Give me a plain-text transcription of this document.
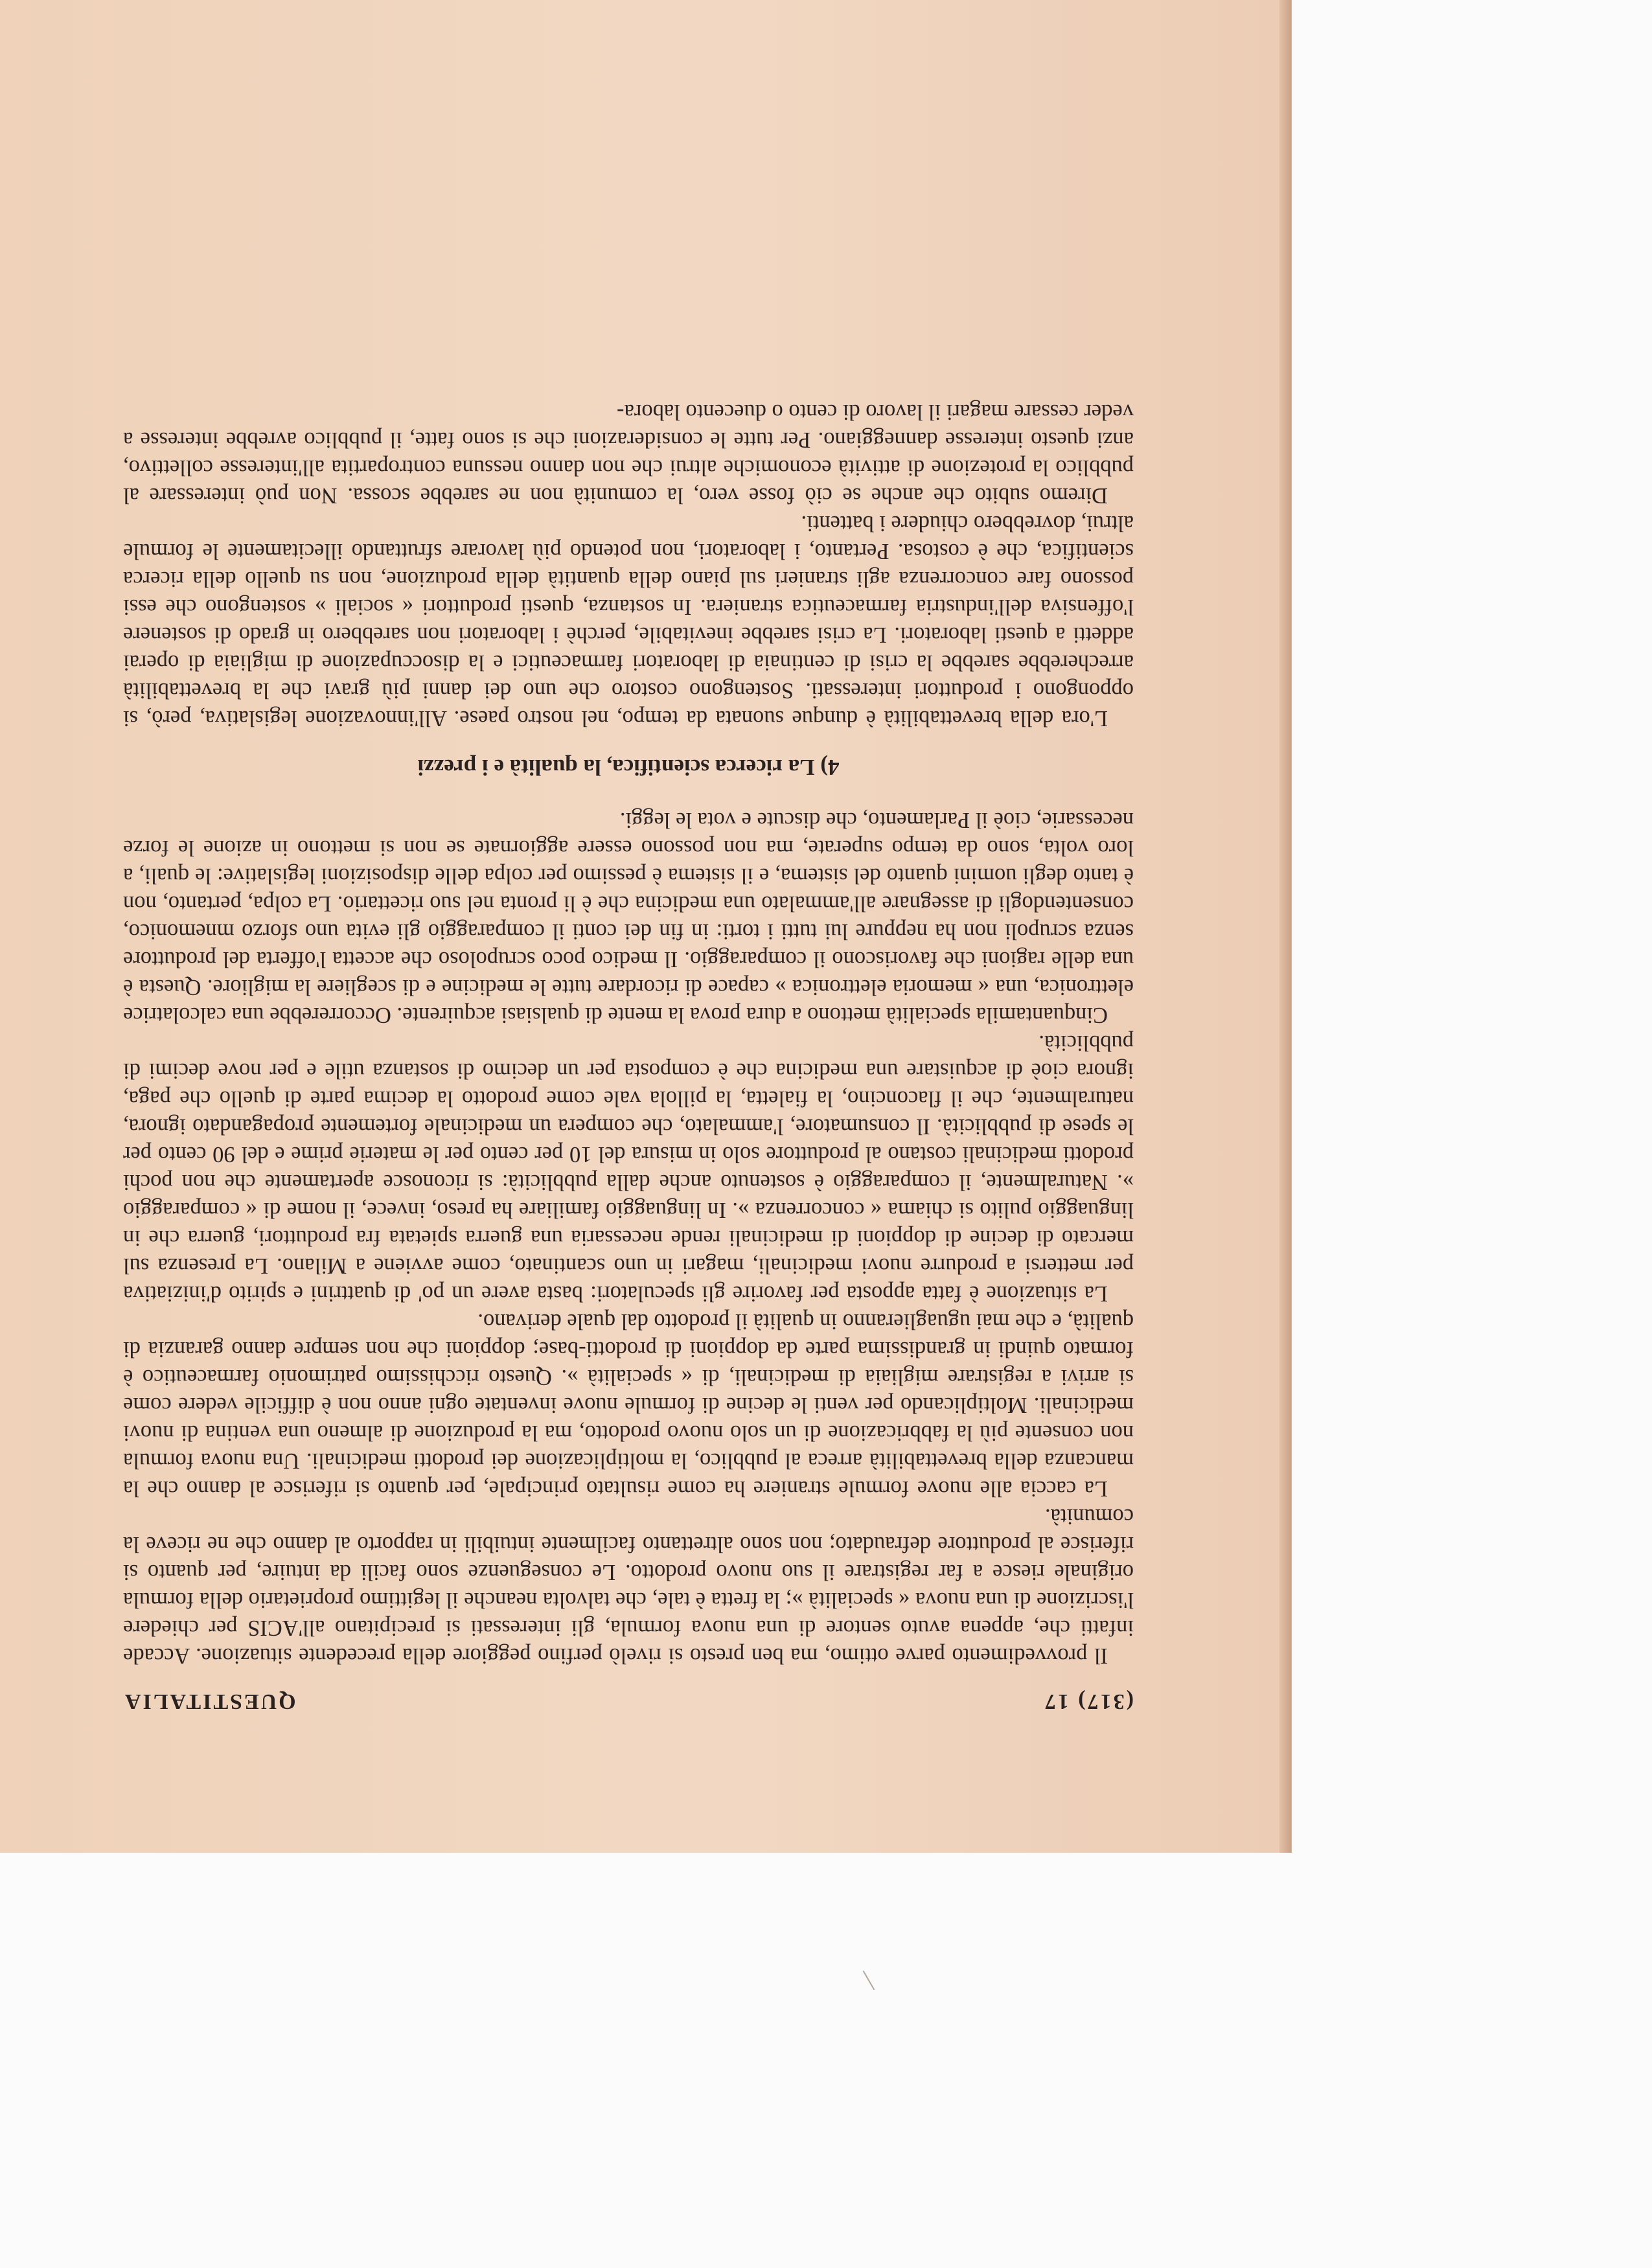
(317) 17
QUESTITALIA

Il provvedimento parve ottimo, ma ben presto si rivelò perfino peggiore della precedente situazione. Accade infatti che, appena avuto sentore di una nuova formula, gli interessati si precipitano all'ACIS per chiedere l'iscrizione di una nuova « specialità »; la fretta è tale, che talvolta neanche il legittimo proprietario della formula originale riesce a far registrare il suo nuovo prodotto. Le conseguenze sono facili da intuire, per quanto si riferisce al produttore defraudato; non sono altrettanto facilmente intuibili in rapporto al danno che ne riceve la comunità.

La caccia alle nuove formule straniere ha come risultato principale, per quanto si riferisce al danno che la mancanza della brevettabilità arreca al pubblico, la moltiplicazione dei prodotti medicinali. Una nuova formula non consente più la fabbricazione di un solo nuovo prodotto, ma la produzione di almeno una ventina di nuovi medicinali. Moltiplicando per venti le decine di formule nuove inventate ogni anno non è difficile vedere come si arrivi a registrare migliaia di medicinali, di « specialità ». Questo ricchissimo patrimonio farmaceutico è formato quindi in grandissima parte da doppioni di prodotti-base; doppioni che non sempre danno garanzia di qualità, e che mai uguaglieranno in qualità il prodotto dal quale derivano.

La situazione è fatta apposta per favorire gli speculatori: basta avere un po' di quattrini e spirito d'iniziativa per mettersi a produrre nuovi medicinali, magari in uno scantinato, come avviene a Milano. La presenza sul mercato di decine di doppioni di medicinali rende necessaria una guerra spietata fra produttori, guerra che in linguaggio pulito si chiama « concorrenza ». In linguaggio familiare ha preso, invece, il nome di « comparaggio ». Naturalmente, il comparaggio è sostenuto anche dalla pubblicità: si riconosce apertamente che non pochi prodotti medicinali costano al produttore solo in misura del 10 per cento per le materie prime e del 90 cento per le spese di pubblicità. Il consumatore, l'ammalato, che compera un medicinale fortemente propagandato ignora, naturalmente, che il flaconcino, la fialetta, la pillola vale come prodotto la decima parte di quello che paga, ignora cioè di acquistare una medicina che è composta per un decimo di sostanza utile e per nove decimi di pubblicità.

Cinquantamila specialità mettono a dura prova la mente di qualsiasi acquirente. Occorrerebbe una calcolatrice elettronica, una « memoria elettronica » capace di ricordare tutte le medicine e di scegliere la migliore. Questa è una delle ragioni che favoriscono il comparaggio. Il medico poco scrupoloso che accetta l'offerta del produttore senza scrupoli non ha neppure lui tutti i torti: in fin dei conti il comparaggio gli evita uno sforzo mnemonico, consentendogli di assegnare all'ammalato una medicina che è li pronta nel suo ricettario. La colpa, pertanto, non è tanto degli uomini quanto del sistema, e il sistema è pessimo per colpa delle disposizioni legislative: le quali, a loro volta, sono da tempo superate, ma non possono essere aggiornate se non si mettono in azione le forze necessarie, cioè il Parlamento, che discute e vota le leggi.

4) La ricerca scientifica, la qualità e i prezzi

L'ora della brevettabilità è dunque suonata da tempo, nel nostro paese. All'innovazione legislativa, però, si oppongono i produttori interessati. Sostengono costoro che uno dei danni più gravi che la brevettabilità arrecherebbe sarebbe la crisi di centinaia di laboratori farmaceutici e la disoccupazione di migliaia di operai addetti a questi laboratori. La crisi sarebbe inevitabile, perchè i laboratori non sarebbero in grado di sostenere l'offensiva dell'industria farmaceutica straniera. In sostanza, questi produttori « sociali » sostengono che essi possono fare concorrenza agli stranieri sul piano della quantità della produzione, non su quello della ricerca scientifica, che è costosa. Pertanto, i laboratori, non potendo più lavorare sfruttando illecitamente le formule altrui, dovrebbero chiudere i battenti.

Diremo subito che anche se ciò fosse vero, la comunità non ne sarebbe scossa. Non può interessare al pubblico la protezione di attività economiche altrui che non danno nessuna contropartita all'interesse collettivo, anzi questo interesse danneggiano. Per tutte le considerazioni che si sono fatte, il pubblico avrebbe interesse a veder cessare magari il lavoro di cento o duecento labora-
